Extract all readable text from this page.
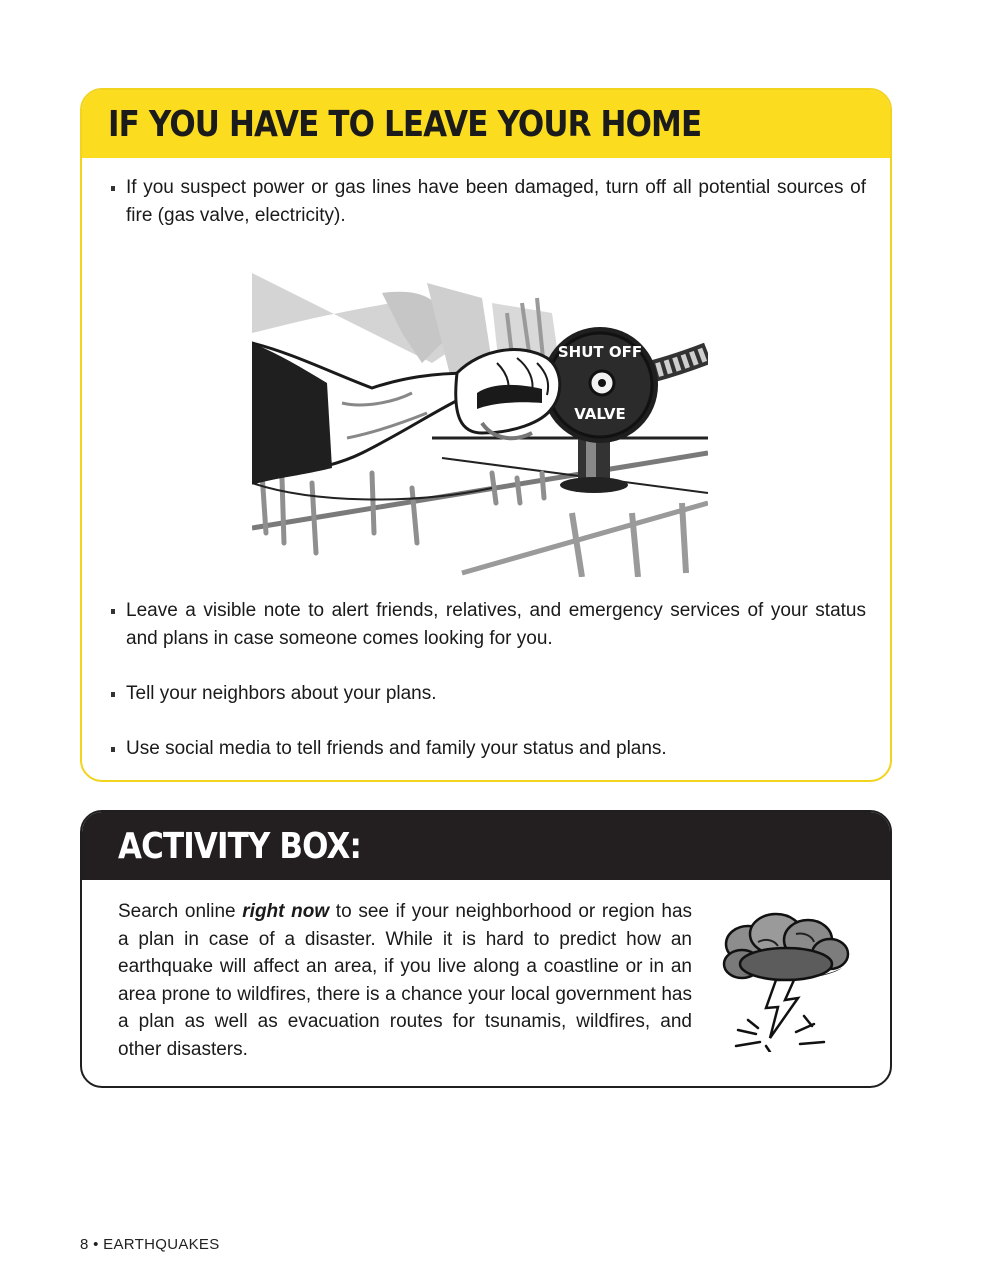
IF YOU HAVE TO LEAVE YOUR HOME
If you suspect power or gas lines have been damaged, turn off all potential sources of fire (gas valve, electricity).
SHUT OFF
VALVE
Leave a visible note to alert friends, relatives, and emergency services of your status and plans in case someone comes looking for you.
Tell your neighbors about your plans.
Use social media to tell friends and family your status and plans.
ACTIVITY BOX:

Search online right now to see if your neighborhood or region has a plan in case of a disaster. While it is hard to predict how an earthquake will affect an area, if you live along a coastline or in an area prone to wildfires, there is a chance your local government has a plan as well as evacuation routes for tsunamis, wildfires, and other disasters.

8 • EARTHQUAKES
